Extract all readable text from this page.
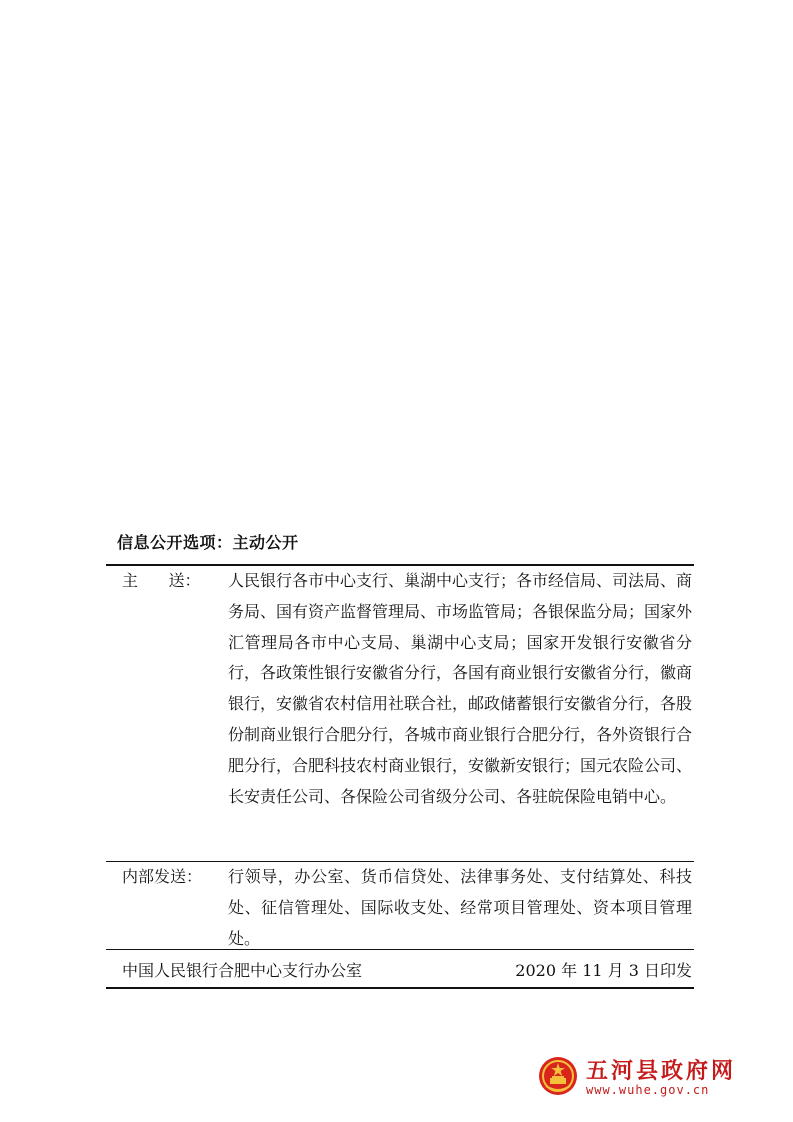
信息公开选项：主动公开
主      送：	人民银行各市中心支行、巢湖中心支行；各市经信局、司法局、商务局、国有资产监督管理局、市场监管局；各银保监分局；国家外汇管理局各市中心支局、巢湖中心支局；国家开发银行安徽省分行，各政策性银行安徽省分行，各国有商业银行安徽省分行，徽商银行，安徽省农村信用社联合社，邮政储蓄银行安徽省分行，各股份制商业银行合肥分行，各城市商业银行合肥分行，各外资银行合肥分行，合肥科技农村商业银行，安徽新安银行；国元农险公司、长安责任公司、各保险公司省级分公司、各驻皖保险电销中心。
内部发送：	行领导，办公室、货币信贷处、法律事务处、支付结算处、科技处、征信管理处、国际收支处、经常项目管理处、资本项目管理处。
中国人民银行合肥中心支行办公室	2020 年 11 月 3 日印发
五河县政府网
www.wuhe.gov.cn
